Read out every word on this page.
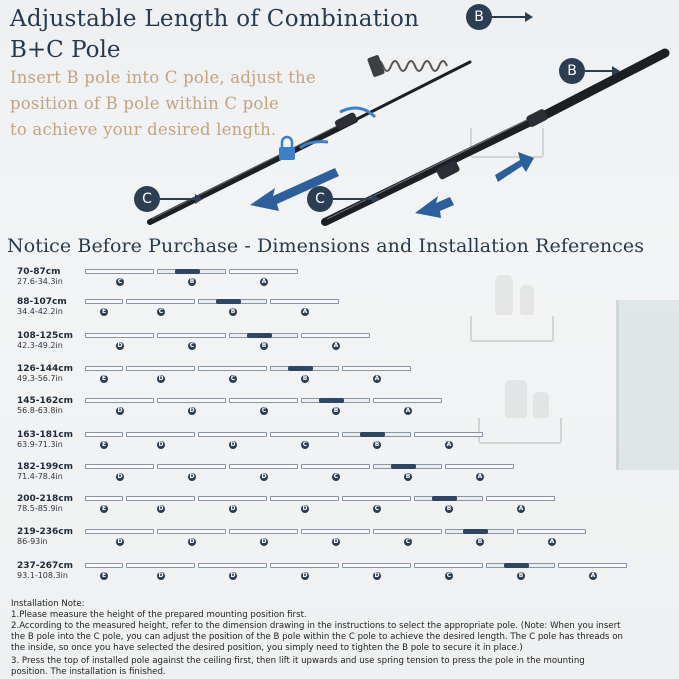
Adjustable Length of Combination
B+C Pole
Insert B pole into C pole, adjust the
position of B pole within C pole
to achieve your desired length.
B
B
C	C
Notice Before Purchase - Dimensions and Installation References
70-87cm
27.6-34.3in	C	B	A
88-107cm
34.4-42.2in	E	C	B	A
108-125cm
42.3-49.2in	D	C	B	A
126-144cm
49.3-56.7in	E	D	C	B	A
145-162cm
56.8-63.8in	D	D	C	B	A
163-181cm
63.9-71.3in	E	D	D	C	B	A
182-199cm
71.4-78.4in	D	D	D	C	B	A
200-218cm
78.5-85.9in	E	D	D	D	C	B	A
219-236cm
86-93in	D	D	D	D	C	B	A
237-267cm
93.1-108.3in	E	D	D	D	D	C	B	A
Installation Note:
1.Please measure the height of the prepared mounting position first.
2.According to the measured height, refer to the dimension drawing in the instructions to select the appropriate pole. (Note: When you insert
the B pole into the C pole, you can adjust the position of the B pole within the C pole to achieve the desired length. The C pole has threads on
the inside, so once you have selected the desired position, you simply need to tighten the B pole to secure it in place.)
3. Press the top of installed pole against the ceiling first, then lift it upwards and use spring tension to press the pole in the mounting
position. The installation is finished.
